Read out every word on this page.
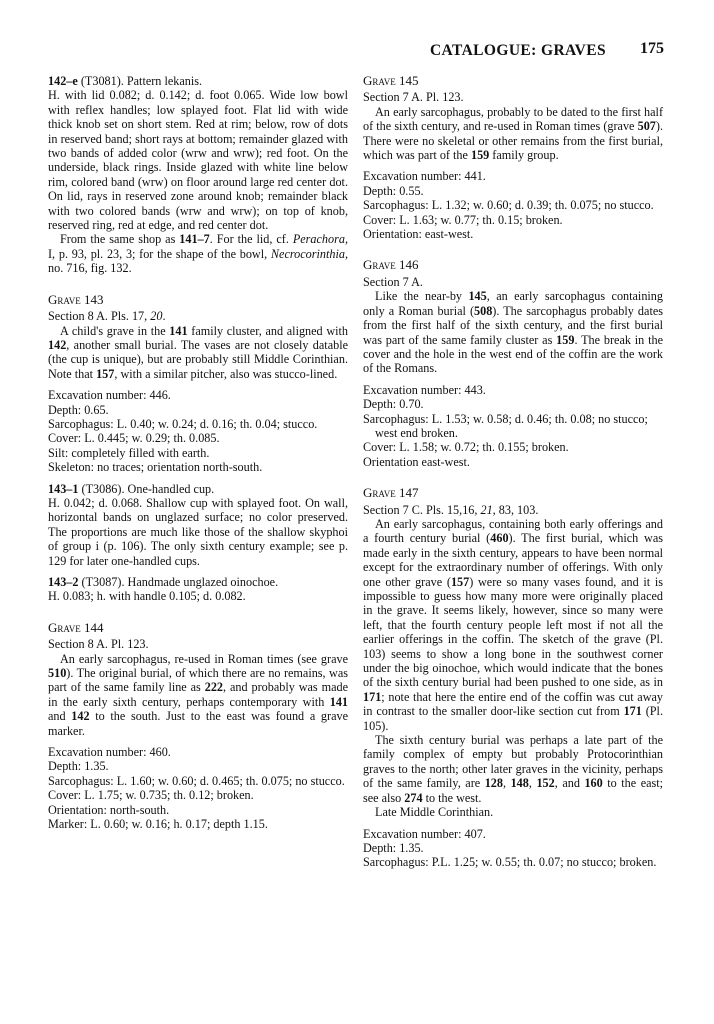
CATALOGUE: GRAVES 175

142–e (T3081). Pattern lekanis.

H. with lid 0.082; d. 0.142; d. foot 0.065. Wide low bowl with reflex handles; low splayed foot. Flat lid with wide thick knob set on short stem. Red at rim; below, row of dots in reserved band; short rays at bottom; remainder glazed with two bands of added color (wrw and wrw); red foot. On the underside, black rings. Inside glazed with white line below rim, colored band (wrw) on floor around large red center dot. On lid, rays in reserved zone around knob; remainder black with two colored bands (wrw and wrw); on top of knob, reserved ring, red at edge, and red center dot.

From the same shop as 141–7. For the lid, cf. Perachora, I, p. 93, pl. 23, 3; for the shape of the bowl, Necrocorinthia, no. 716, fig. 132.

Grave 143

Section 8 A. Pls. 17, 20.

A child's grave in the 141 family cluster, and aligned with 142, another small burial. The vases are not closely datable (the cup is unique), but are probably still Middle Corinthian. Note that 157, with a similar pitcher, also was stucco-lined.

Excavation number: 446.

Depth: 0.65.

Sarcophagus: L. 0.40; w. 0.24; d. 0.16; th. 0.04; stucco.

Cover: L. 0.445; w. 0.29; th. 0.085.

Silt: completely filled with earth.

Skeleton: no traces; orientation north-south.

143–1 (T3086). One-handled cup.

H. 0.042; d. 0.068. Shallow cup with splayed foot. On wall, horizontal bands on unglazed surface; no color preserved. The proportions are much like those of the shallow skyphoi of group i (p. 106). The only sixth century example; see p. 129 for later one-handled cups.

143–2 (T3087). Handmade unglazed oinochoe.

H. 0.083; h. with handle 0.105; d. 0.082.

Grave 144

Section 8 A. Pl. 123.

An early sarcophagus, re-used in Roman times (see grave 510). The original burial, of which there are no remains, was part of the same family line as 222, and probably was made in the early sixth century, perhaps contemporary with 141 and 142 to the south. Just to the east was found a grave marker.

Excavation number: 460.

Depth: 1.35.

Sarcophagus: L. 1.60; w. 0.60; d. 0.465; th. 0.075; no stucco.

Cover: L. 1.75; w. 0.735; th. 0.12; broken.

Orientation: north-south.

Marker: L. 0.60; w. 0.16; h. 0.17; depth 1.15.

Grave 145

Section 7 A. Pl. 123.

An early sarcophagus, probably to be dated to the first half of the sixth century, and re-used in Roman times (grave 507). There were no skeletal or other remains from the first burial, which was part of the 159 family group.

Excavation number: 441.

Depth: 0.55.

Sarcophagus: L. 1.32; w. 0.60; d. 0.39; th. 0.075; no stucco.

Cover: L. 1.63; w. 0.77; th. 0.15; broken.

Orientation: east-west.

Grave 146

Section 7 A.

Like the near-by 145, an early sarcophagus containing only a Roman burial (508). The sarcophagus probably dates from the first half of the sixth century, and the first burial was part of the same family cluster as 159. The break in the cover and the hole in the west end of the coffin are the work of the Romans.

Excavation number: 443.

Depth: 0.70.

Sarcophagus: L. 1.53; w. 0.58; d. 0.46; th. 0.08; no stucco; west end broken.

Cover: L. 1.58; w. 0.72; th. 0.155; broken.

Orientation east-west.

Grave 147

Section 7 C. Pls. 15,16, 21, 83, 103.

An early sarcophagus, containing both early offerings and a fourth century burial (460). The first burial, which was made early in the sixth century, appears to have been normal except for the extraordinary number of offerings. With only one other grave (157) were so many vases found, and it is impossible to guess how many more were originally placed in the grave. It seems likely, however, since so many were left, that the fourth century people left most if not all the earlier offerings in the coffin. The sketch of the grave (Pl. 103) seems to show a long bone in the southwest corner under the big oinochoe, which would indicate that the bones of the sixth century burial had been pushed to one side, as in 171; note that here the entire end of the coffin was cut away in contrast to the smaller door-like section cut from 171 (Pl. 105).

The sixth century burial was perhaps a late part of the family complex of empty but probably Protocorinthian graves to the north; other later graves in the vicinity, perhaps of the same family, are 128, 148, 152, and 160 to the east; see also 274 to the west.

Late Middle Corinthian.

Excavation number: 407.

Depth: 1.35.

Sarcophagus: P.L. 1.25; w. 0.55; th. 0.07; no stucco; broken.
